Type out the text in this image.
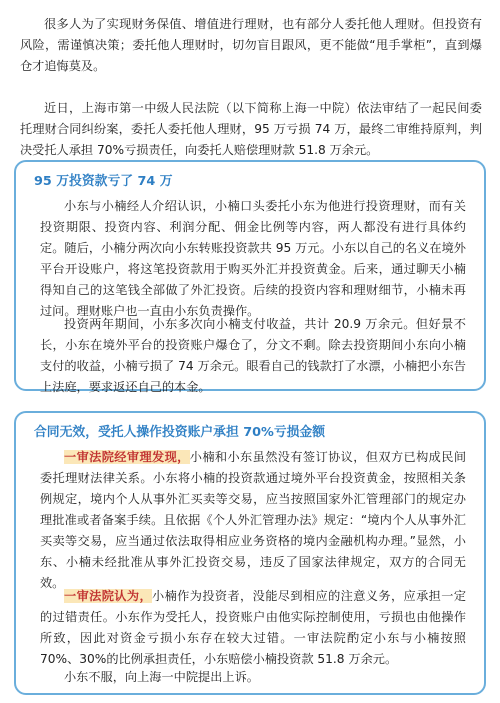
很多人为了实现财务保值、增值进行理财，也有部分人委托他人理财。但投资有风险，需谨慎决策；委托他人理财时，切勿盲目跟风，更不能做“甩手掌柜”，直到爆仓才追悔莫及。

近日，上海市第一中级人民法院（以下简称上海一中院）依法审结了一起民间委托理财合同纠纷案，委托人委托他人理财，95 万亏损 74 万，最终二审维持原判，判决受托人承担 70%亏损责任，向委托人赔偿理财款 51.8 万余元。

95 万投资款亏了 74 万

小东与小楠经人介绍认识，小楠口头委托小东为他进行投资理财，而有关投资期限、投资内容、利润分配、佣金比例等内容，两人都没有进行具体约定。随后，小楠分两次向小东转账投资款共 95 万元。小东以自己的名义在境外平台开设账户，将这笔投资款用于购买外汇并投资黄金。后来，通过聊天小楠得知自己的这笔钱全部做了外汇投资。后续的投资内容和理财细节，小楠未再过问。理财账户也一直由小东负责操作。

投资两年期间，小东多次向小楠支付收益，共计 20.9 万余元。但好景不长，小东在境外平台的投资账户爆仓了，分文不剩。除去投资期间小东向小楠支付的收益，小楠亏损了 74 万余元。眼看自己的钱款打了水漂，小楠把小东告上法庭，要求返还自己的本金。

合同无效，受托人操作投资账户承担 70%亏损金额

一审法院经审理发现，小楠和小东虽然没有签订协议，但双方已构成民间委托理财法律关系。小东将小楠的投资款通过境外平台投资黄金，按照相关条例规定，境内个人从事外汇买卖等交易，应当按照国家外汇管理部门的规定办理批准或者备案手续。且依据《个人外汇管理办法》规定：“境内个人从事外汇买卖等交易，应当通过依法取得相应业务资格的境内金融机构办理。”显然，小东、小楠未经批准从事外汇投资交易，违反了国家法律规定，双方的合同无效。

一审法院认为，小楠作为投资者，没能尽到相应的注意义务，应承担一定的过错责任。小东作为受托人，投资账户由他实际控制使用，亏损也由他操作所致，因此对资金亏损小东存在较大过错。一审法院酌定小东与小楠按照 70%、30%的比例承担责任，小东赔偿小楠投资款 51.8 万余元。

小东不服，向上海一中院提出上诉。
